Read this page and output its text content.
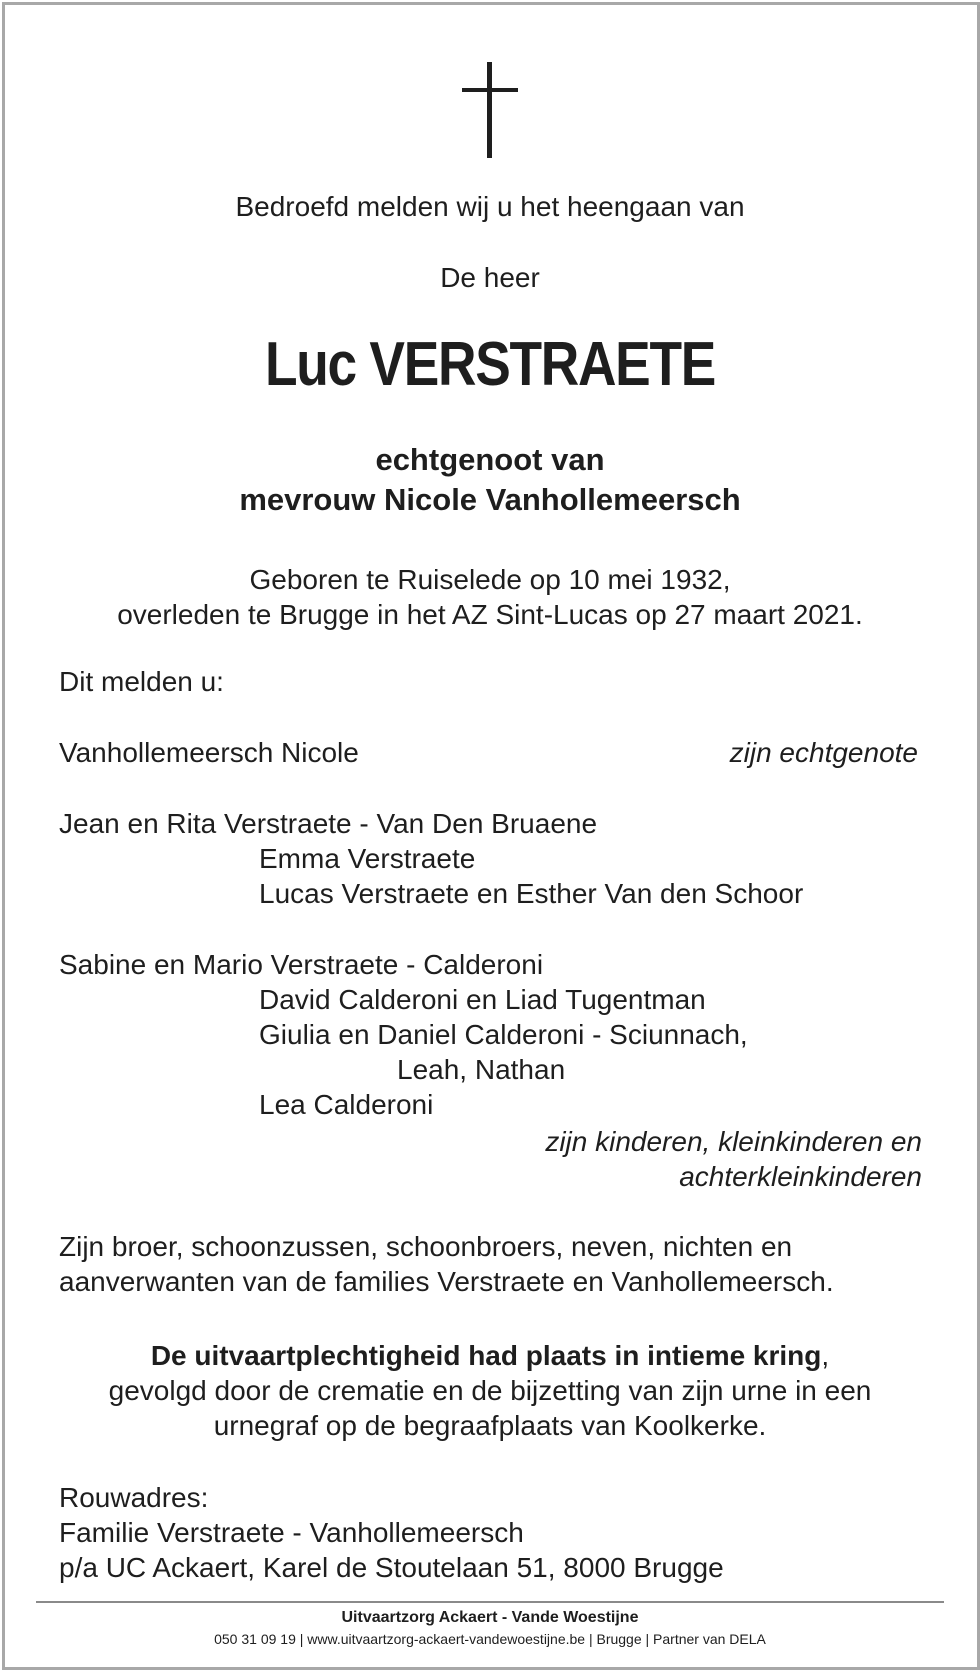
Bedroefd melden wij u het heengaan van
De heer
Luc VERSTRAETE
echtgenoot van
mevrouw Nicole Vanhollemeersch
Geboren te Ruiselede op 10 mei 1932,
overleden te Brugge in het AZ Sint-Lucas op 27 maart 2021.
Dit melden u:
Vanhollemeersch Nicole	zijn echtgenote
Jean en Rita Verstraete - Van Den Bruaene
Emma Verstraete
Lucas Verstraete en Esther Van den Schoor
Sabine en Mario Verstraete - Calderoni
David Calderoni en Liad Tugentman
Giulia en Daniel Calderoni - Sciunnach,
Leah, Nathan
Lea Calderoni
zijn kinderen, kleinkinderen en
achterkleinkinderen
Zijn broer, schoonzussen, schoonbroers, neven, nichten en
aanverwanten van de families Verstraete en Vanhollemeersch.
De uitvaartplechtigheid had plaats in intieme kring,
gevolgd door de crematie en de bijzetting van zijn urne in een
urnegraf op de begraafplaats van Koolkerke.
Rouwadres:
Familie Verstraete - Vanhollemeersch
p/a UC Ackaert, Karel de Stoutelaan 51, 8000 Brugge
Uitvaartzorg Ackaert - Vande Woestijne
050 31 09 19 | www.uitvaartzorg-ackaert-vandewoestijne.be | Brugge | Partner van DELA
